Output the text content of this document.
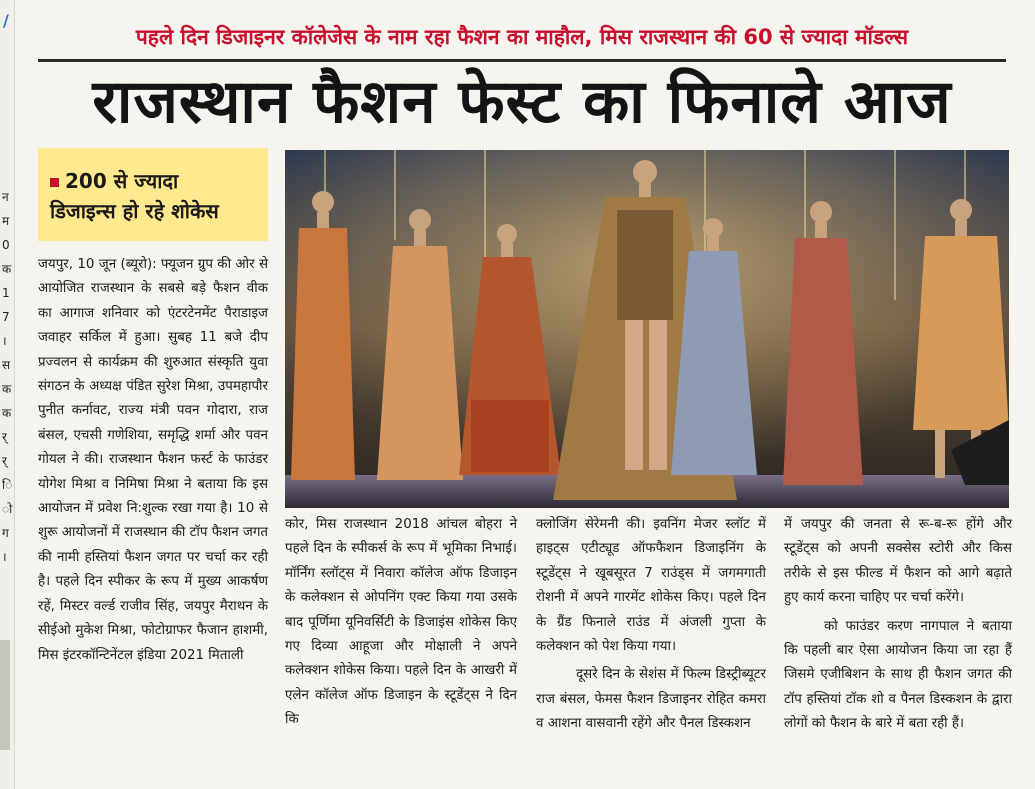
/
न
म
0
क
1
7
।
स
क
क
र्
र्
ि
ो
ग
।
पहले दिन डिजाइनर कॉलेजेस के नाम रहा फैशन का माहौल, मिस राजस्थान की 60 से ज्यादा मॉडल्स
राजस्थान फैशन फेस्ट का फिनाले आज
200 से ज्यादा
डिजाइन्स हो रहे शोकेस

जयपुर, 10 जून (ब्यूरो): फ्यूजन ग्रुप की ओर से आयोजित राजस्थान के सबसे बड़े फैशन वीक का आगाज शनिवार को एंटरटेनमेंट पैराडाइज जवाहर सर्किल में हुआ। सुबह 11 बजे दीप प्रज्वलन से कार्यक्रम की शुरुआत संस्कृति युवा संगठन के अध्यक्ष पंडित सुरेश मिश्रा, उपमहापौर पुनीत कर्नावट, राज्य मंत्री पवन गोदारा, राज बंसल, एचसी गणेशिया, समृद्धि शर्मा और पवन गोयल ने की। राजस्थान फैशन फर्स्ट के फाउंडर योगेश मिश्रा व निमिषा मिश्रा ने बताया कि इस आयोजन में प्रवेश नि:शुल्क रखा गया है। 10 से शुरू आयोजनों में राजस्थान की टॉप फैशन जगत की नामी हस्तियां फैशन जगत पर चर्चा कर रही है। पहले दिन स्पीकर के रूप में मुख्य आकर्षण रहें, मिस्टर वर्ल्ड राजीव सिंह, जयपुर मैराथन के सीईओ मुकेश मिश्रा, फोटोग्राफर फैजान हाशमी, मिस इंटरकॉन्टिनेंटल इंडिया 2021 मिताली

कोर, मिस राजस्थान 2018 आंचल बोहरा ने पहले दिन के स्पीकर्स के रूप में भूमिका निभाई। मॉर्निंग स्लॉट्स में निवारा कॉलेज ऑफ डिजाइन के कलेक्शन से ओपनिंग एक्ट किया गया उसके बाद पूर्णिमा यूनिवर्सिटी के डिजाइंस शोकेस किए गए दिव्या आहूजा और मोक्षाली ने अपने कलेक्शन शोकेस किया। पहले दिन के आखरी में एलेन कॉलेज ऑफ डिजाइन के स्टूडेंट्स ने दिन कि

क्लोजिंग सेरेमनी की। इवनिंग मेजर स्लॉट में हाइट्स एटीट्यूड ऑफफैशन डिजाइनिंग के स्टूडेंट्स ने खूबसूरत 7 राउंड्स में जगमगाती रोशनी में अपने गारमेंट शोकेस किए। पहले दिन के ग्रैंड फिनाले राउंड में अंजली गुप्ता के कलेक्शन को पेश किया गया।

दूसरे दिन के सेशंस में फिल्म डिस्ट्रीब्यूटर राज बंसल, फेमस फैशन डिजाइनर रोहित कमरा व आशना वासवानी रहेंगे और पैनल डिस्कशन

में जयपुर की जनता से रू-ब-रू होंगे और स्टूडेंट्स को अपनी सक्सेस स्टोरी और किस तरीके से इस फील्ड में फैशन को आगे बढ़ाते हुए कार्य करना चाहिए पर चर्चा करेंगे।

को फाउंडर करण नागपाल ने बताया कि पहली बार ऐसा आयोजन किया जा रहा हैं जिसमे एजीबिशन के साथ ही फैशन जगत की टॉप हस्तियां टॉक शो व पैनल डिस्कशन के द्वारा लोगों को फैशन के बारे में बता रही हैं।
